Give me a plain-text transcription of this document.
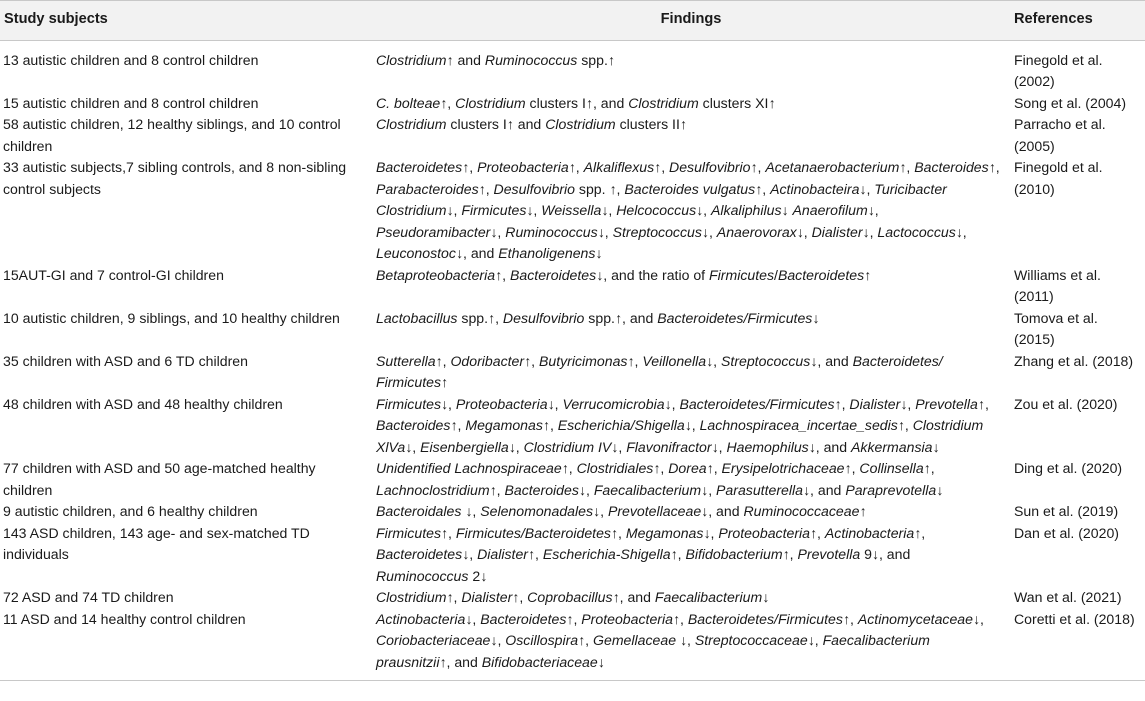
Study subjects	Findings	References
13 autistic children and 8 control children	Clostridium↑ and Ruminococcus spp.↑	Finegold et al. (2002)
15 autistic children and 8 control children	C. bolteae↑, Clostridium clusters I↑, and Clostridium clusters XI↑	Song et al. (2004)
58 autistic children, 12 healthy siblings, and 10 control children	Clostridium clusters I↑ and Clostridium clusters II↑	Parracho et al. (2005)
33 autistic subjects,7 sibling controls, and 8 non-sibling control subjects	Bacteroidetes↑, Proteobacteria↑, Alkaliflexus↑, Desulfovibrio↑, Acetanaerobacterium↑, Bacteroides↑, Parabacteroides↑, Desulfovibrio spp. ↑, Bacteroides vulgatus↑, Actinobacteira↓, Turicibacter Clostridium↓, Firmicutes↓, Weissella↓, Helcococcus↓, Alkaliphilus↓ Anaerofilum↓, Pseudoramibacter↓, Ruminococcus↓, Streptococcus↓, Anaerovorax↓, Dialister↓, Lactococcus↓, Leuconostoc↓, and Ethanoligenens↓	Finegold et al. (2010)
15AUT-GI and 7 control-GI children	Betaproteobacteria↑, Bacteroidetes↓, and the ratio of Firmicutes/Bacteroidetes↑	Williams et al. (2011)
10 autistic children, 9 siblings, and 10 healthy children	Lactobacillus spp.↑, Desulfovibrio spp.↑, and Bacteroidetes/Firmicutes↓	Tomova et al. (2015)
35 children with ASD and 6 TD children	Sutterella↑, Odoribacter↑, Butyricimonas↑, Veillonella↓, Streptococcus↓, and Bacteroidetes/ Firmicutes↑	Zhang et al. (2018)
48 children with ASD and 48 healthy children	Firmicutes↓, Proteobacteria↓, Verrucomicrobia↓, Bacteroidetes/Firmicutes↑, Dialister↓, Prevotella↑, Bacteroides↑, Megamonas↑, Escherichia/Shigella↓, Lachnospiracea_incertae_sedis↑, Clostridium XlVa↓, Eisenbergiella↓, Clostridium IV↓, Flavonifractor↓, Haemophilus↓, and Akkermansia↓	Zou et al. (2020)
77 children with ASD and 50 age-matched healthy children	Unidentified Lachnospiraceae↑, Clostridiales↑, Dorea↑, Erysipelotrichaceae↑, Collinsella↑, Lachnoclostridium↑, Bacteroides↓, Faecalibacterium↓, Parasutterella↓, and Paraprevotella↓	Ding et al. (2020)
9 autistic children, and 6 healthy children	Bacteroidales ↓, Selenomonadales↓, Prevotellaceae↓, and Ruminococcaceae↑	Sun et al. (2019)
143 ASD children, 143 age- and sex-matched TD individuals	Firmicutes↑, Firmicutes/Bacteroidetes↑, Megamonas↓, Proteobacteria↑, Actinobacteria↑, Bacteroidetes↓, Dialister↑, Escherichia-Shigella↑, Bifidobacterium↑, Prevotella 9↓, and Ruminococcus 2↓	Dan et al. (2020)
72 ASD and 74 TD children	Clostridium↑, Dialister↑, Coprobacillus↑, and Faecalibacterium↓	Wan et al. (2021)
11 ASD and 14 healthy control children	Actinobacteria↓, Bacteroidetes↑, Proteobacteria↑, Bacteroidetes/Firmicutes↑, Actinomycetaceae↓, Coriobacteriaceae↓, Oscillospira↑, Gemellaceae ↓, Streptococcaceae↓, Faecalibacterium prausnitzii↑, and Bifidobacteriaceae↓	Coretti et al. (2018)
